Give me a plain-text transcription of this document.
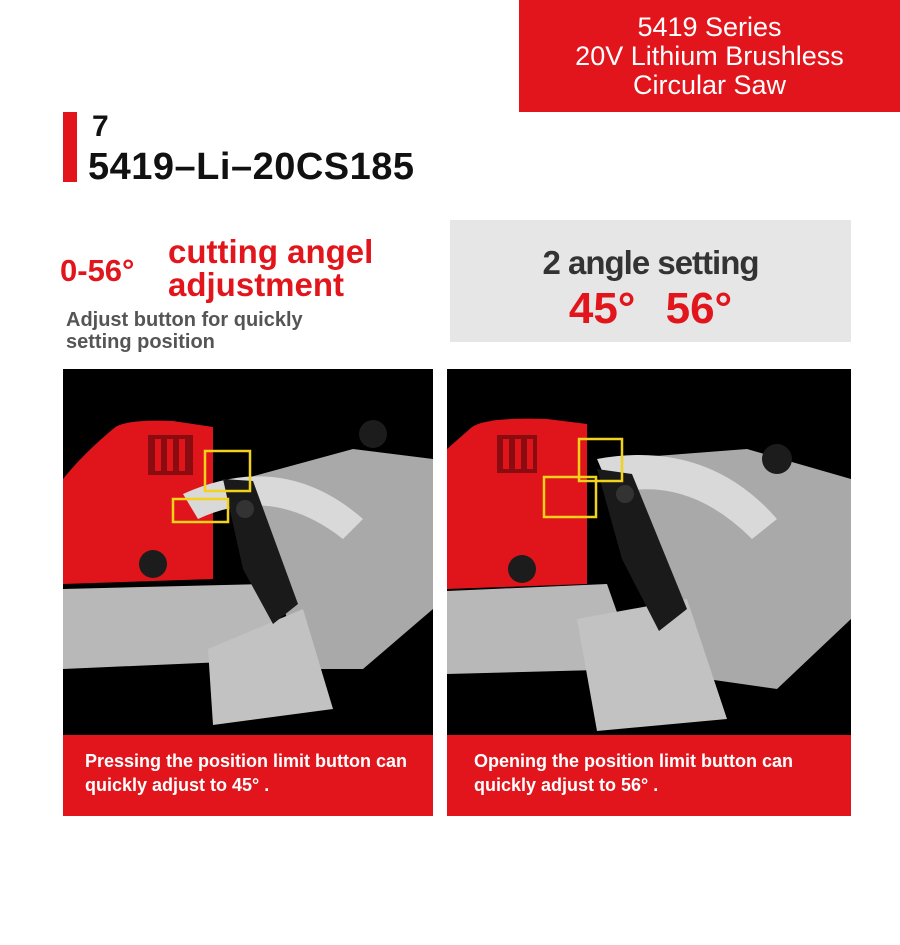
5419 Series
20V Lithium Brushless
Circular Saw
7
5419–Li–20CS185
0-56°
cutting angel
adjustment
Adjust button for quickly
setting position
2 angle setting
45° 56°
Pressing the position limit button can
quickly adjust to 45° .
Opening the position limit button can
quickly adjust to 56° .
